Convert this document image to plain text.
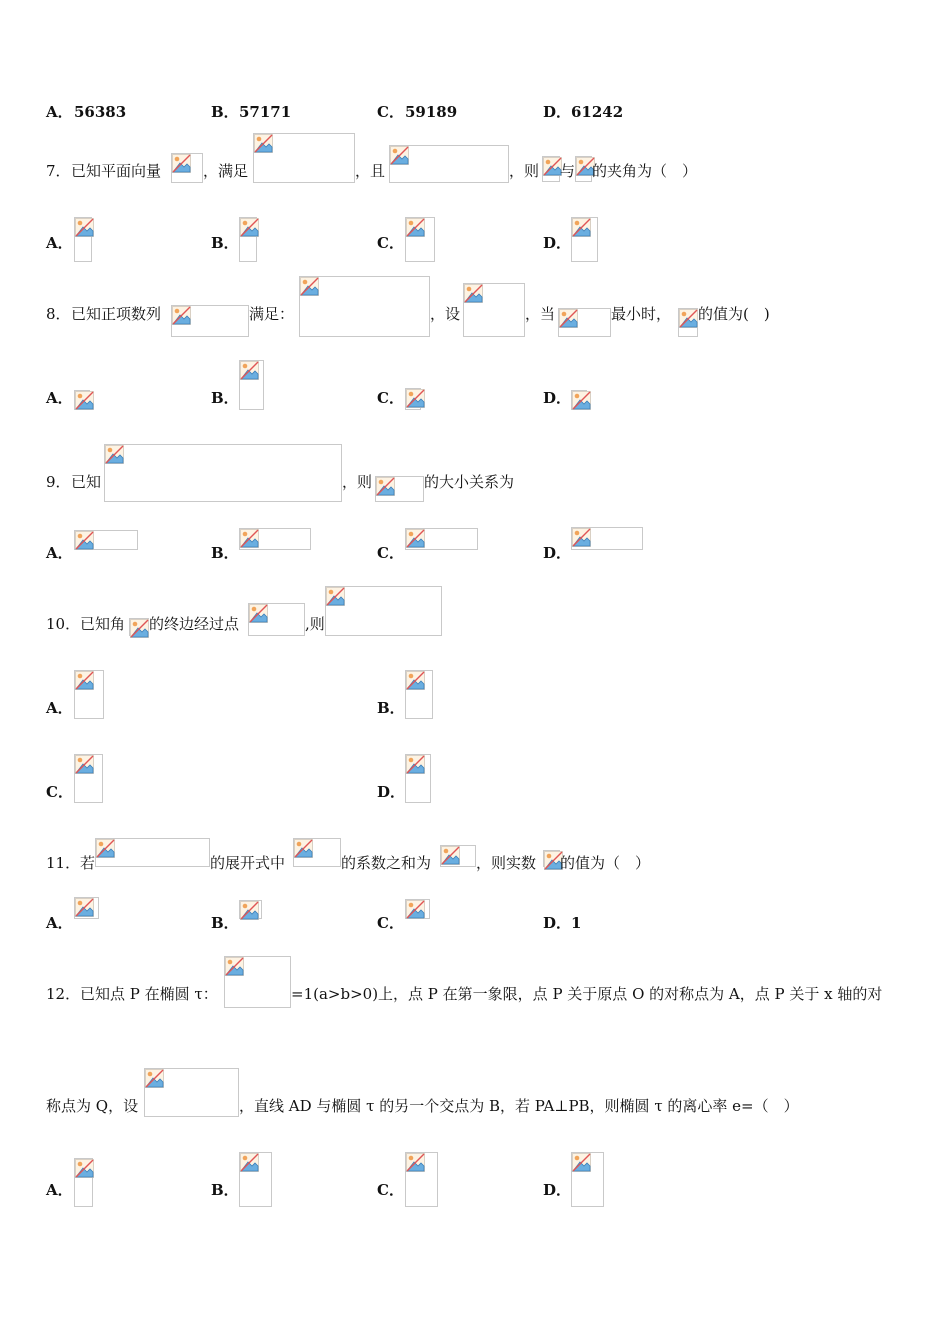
A． 56383	B． 57171	C． 59189	D． 61242
7． 已知平面向量	，满足	，且	，则 与 的夹角为（　）
A．	B．	C．	D．
8． 已知正项数列	满足：	，设	，当	最小时， 的值为(　)
A．	B．	C．	D．
9． 已知	，则	的大小关系为
A．	B．	C．	D．
10． 已知角 的终边经过点	,则
A．	B．
C．	D．
11． 若	的展开式中	的系数之和为	，则实数 的值为（　）
A．	B．	C．	D． 1
12． 已知点 P 在椭圆 τ：	=1(a>b>0)上，点 P 在第一象限，点 P 关于原点 O 的对称点为 A，点 P 关于 x 轴的对
称点为 Q，设	，直线 AD 与椭圆 τ 的另一个交点为 B，若 PA⊥PB，则椭圆 τ 的离心率 e=（　）
A．	B．	C．	D．
